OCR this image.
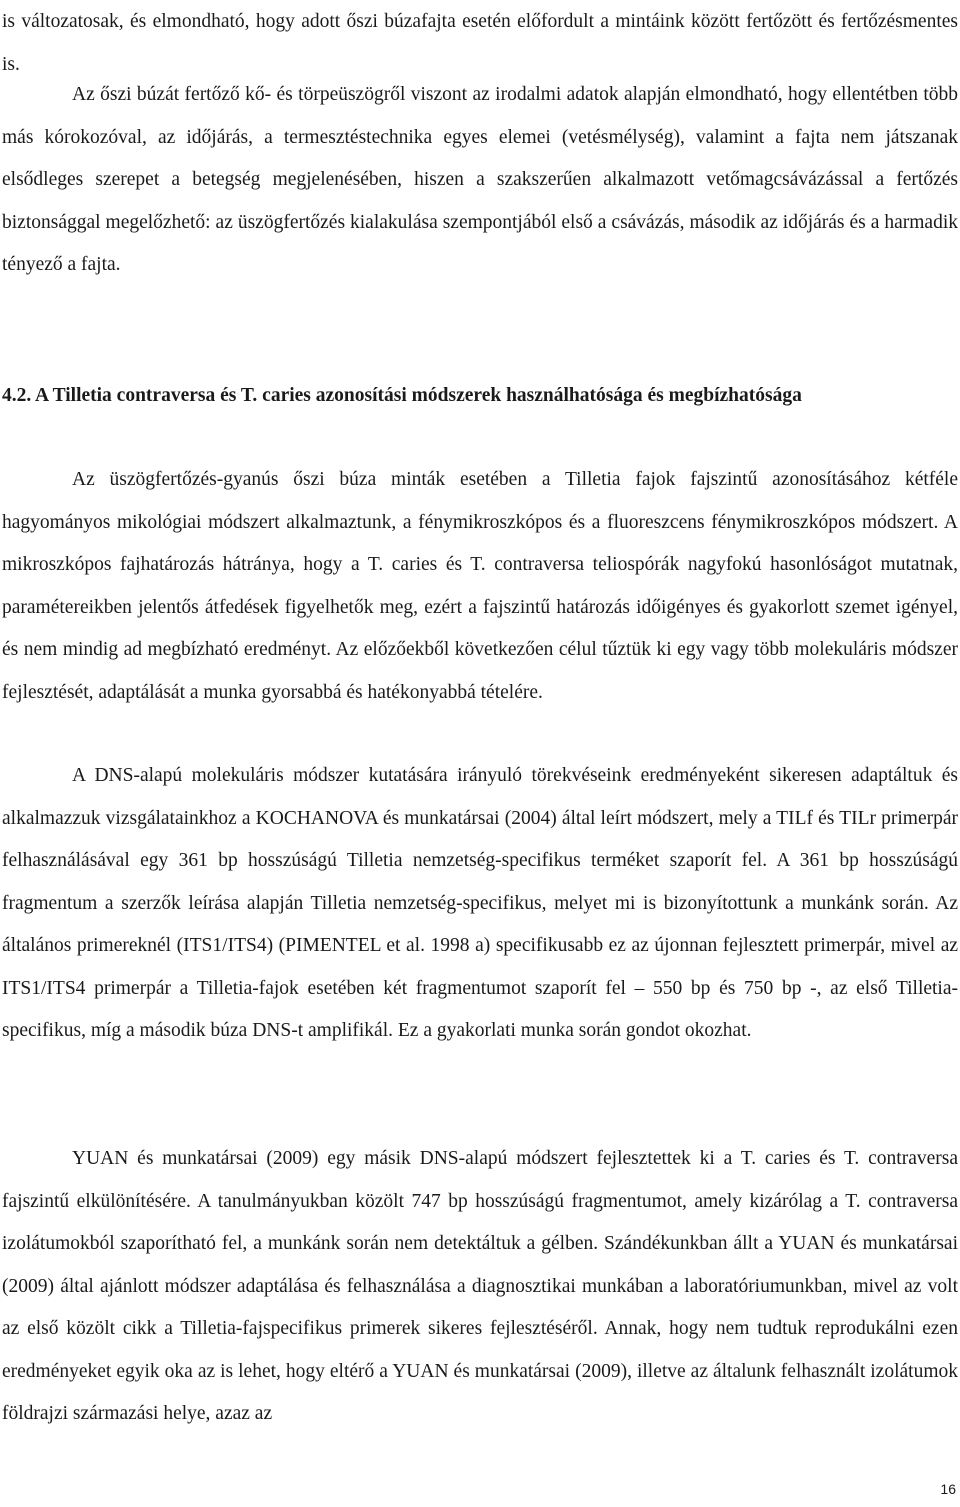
is változatosak, és elmondható, hogy adott őszi búzafajta esetén előfordult a mintáink között fertőzött és fertőzésmentes is.

Az őszi búzát fertőző kő- és törpeüszögről viszont az irodalmi adatok alapján elmondható, hogy ellentétben több más kórokozóval, az időjárás, a termesztéstechnika egyes elemei (vetésmélység), valamint a fajta nem játszanak elsődleges szerepet a betegség megjelenésében, hiszen a szakszerűen alkalmazott vetőmagcsávázással a fertőzés biztonsággal megelőzhető: az üszögfertőzés kialakulása szempontjából első a csávázás, második az időjárás és a harmadik tényező a fajta.

4.2. A Tilletia contraversa és T. caries azonosítási módszerek használhatósága és megbízhatósága

Az üszögfertőzés-gyanús őszi búza minták esetében a Tilletia fajok fajszintű azonosításához kétféle hagyományos mikológiai módszert alkalmaztunk, a fénymikroszkópos és a fluoreszcens fénymikroszkópos módszert. A mikroszkópos fajhatározás hátránya, hogy a T. caries és T. contraversa teliospórák nagyfokú hasonlóságot mutatnak, paramétereikben jelentős átfedések figyelhetők meg, ezért a fajszintű határozás időigényes és gyakorlott szemet igényel, és nem mindig ad megbízható eredményt. Az előzőekből következően célul tűztük ki egy vagy több molekuláris módszer fejlesztését, adaptálását a munka gyorsabbá és hatékonyabbá tételére.

A DNS-alapú molekuláris módszer kutatására irányuló törekvéseink eredményeként sikeresen adaptáltuk és alkalmazzuk vizsgálatainkhoz a KOCHANOVA és munkatársai (2004) által leírt módszert, mely a TILf és TILr primerpár felhasználásával egy 361 bp hosszúságú Tilletia nemzetség-specifikus terméket szaporít fel. A 361 bp hosszúságú fragmentum a szerzők leírása alapján Tilletia nemzetség-specifikus, melyet mi is bizonyítottunk a munkánk során. Az általános primereknél (ITS1/ITS4) (PIMENTEL et al. 1998 a) specifikusabb ez az újonnan fejlesztett primerpár, mivel az ITS1/ITS4 primerpár a Tilletia-fajok esetében két fragmentumot szaporít fel – 550 bp és 750 bp -, az első Tilletia-specifikus, míg a második búza DNS-t amplifikál. Ez a gyakorlati munka során gondot okozhat.

YUAN és munkatársai (2009) egy másik DNS-alapú módszert fejlesztettek ki a T. caries és T. contraversa fajszintű elkülönítésére. A tanulmányukban közölt 747 bp hosszúságú fragmentumot, amely kizárólag a T. contraversa izolátumokból szaporítható fel, a munkánk során nem detektáltuk a gélben. Szándékunkban állt a YUAN és munkatársai (2009) által ajánlott módszer adaptálása és felhasználása a diagnosztikai munkában a laboratóriumunkban, mivel az volt az első közölt cikk a Tilletia-fajspecifikus primerek sikeres fejlesztéséről. Annak, hogy nem tudtuk reprodukálni ezen eredményeket egyik oka az is lehet, hogy eltérő a YUAN és munkatársai (2009), illetve az általunk felhasznált izolátumok földrajzi származási helye, azaz az

16
